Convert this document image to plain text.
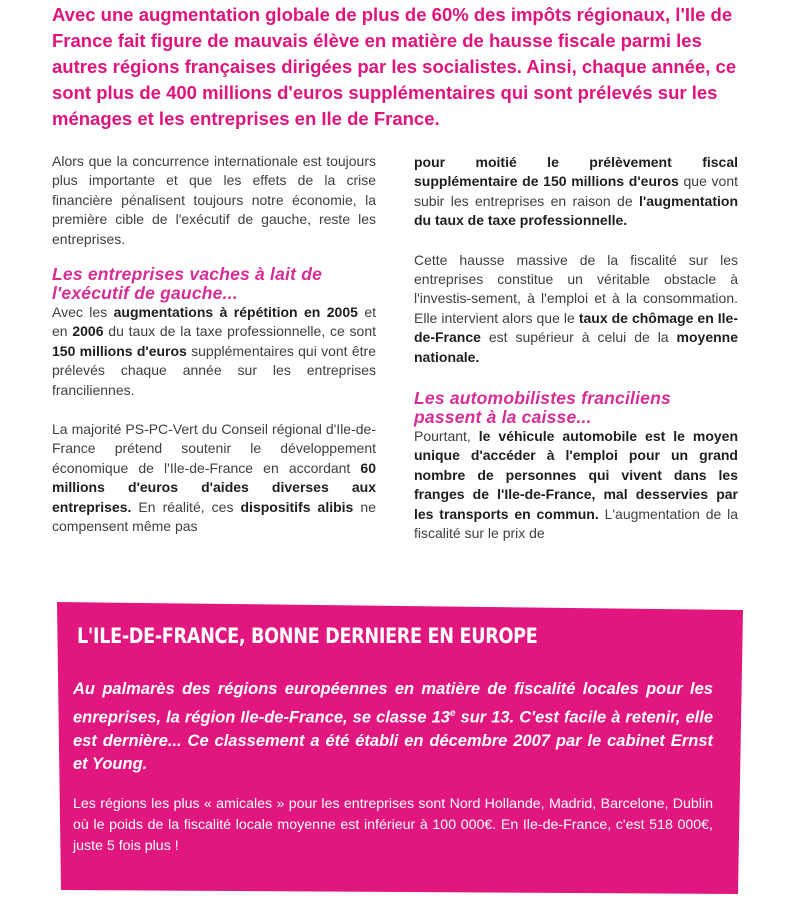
Avec une augmentation globale de plus de 60% des impôts régionaux, l'Ile de France fait figure de mauvais élève en matière de hausse fiscale parmi les autres régions françaises dirigées par les socialistes. Ainsi, chaque année, ce sont plus de 400 millions d'euros supplémentaires qui sont prélevés sur les ménages et les entreprises en Ile de France.

Alors que la concurrence internationale est toujours plus importante et que les effets de la crise financière pénalisent toujours notre économie, la première cible de l'exécutif de gauche, reste les entreprises.

Les entreprises vaches à lait de l'exécutif de gauche...

Avec les augmentations à répétition en 2005 et en 2006 du taux de la taxe professionnelle, ce sont 150 millions d'euros supplémentaires qui vont être prélevés chaque année sur les entreprises franciliennes.

La majorité PS-PC-Vert du Conseil régional d'Ile-de-France prétend soutenir le développement économique de l'Ile-de-France en accordant 60 millions d'euros d'aides diverses aux entreprises. En réalité, ces dispositifs alibis ne compensent même pas

pour moitié le prélèvement fiscal supplémentaire de 150 millions d'euros que vont subir les entreprises en raison de l'augmentation du taux de taxe professionnelle.

Cette hausse massive de la fiscalité sur les entreprises constitue un véritable obstacle à l'investis-sement, à l'emploi et à la consommation. Elle intervient alors que le taux de chômage en Ile-de-France est supérieur à celui de la moyenne nationale.

Les automobilistes franciliens passent à la caisse...

Pourtant, le véhicule automobile est le moyen unique d'accéder à l'emploi pour un grand nombre de personnes qui vivent dans les franges de l'Ile-de-France, mal desservies par les transports en commun. L'augmentation de la fiscalité sur le prix de

L'ILE-DE-FRANCE, BONNE DERNIERE EN EUROPE

Au palmarès des régions européennes en matière de fiscalité locales pour les enreprises, la région Ile-de-France, se classe 13e sur 13. C'est facile à retenir, elle est dernière... Ce classement a été établi en décembre 2007 par le cabinet Ernst et Young.

Les régions les plus « amicales » pour les entreprises sont Nord Hollande, Madrid, Barcelone, Dublin où le poids de la fiscalité locale moyenne est inférieur à 100 000€. En Ile-de-France, c'est 518 000€, juste 5 fois plus !
